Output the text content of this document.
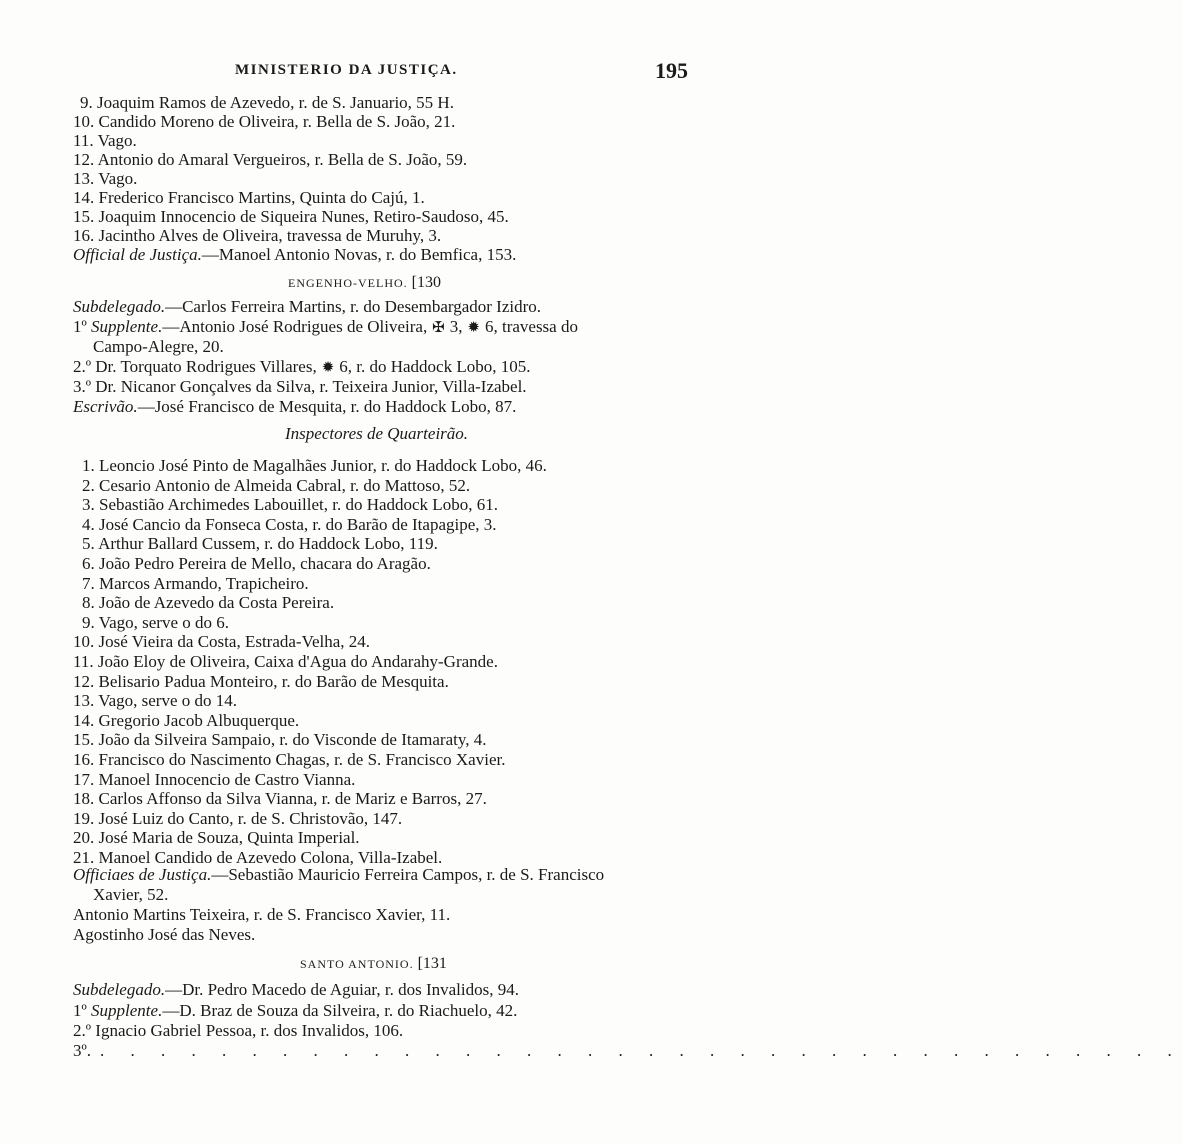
MINISTERIO DA JUSTIÇA.	195
9. Joaquim Ramos de Azevedo, r. de S. Januario, 55 H.
10. Candido Moreno de Oliveira, r. Bella de S. João, 21.
11. Vago.
12. Antonio do Amaral Vergueiros, r. Bella de S. João, 59.
13. Vago.
14. Frederico Francisco Martins, Quinta do Cajú, 1.
15. Joaquim Innocencio de Siqueira Nunes, Retiro-Saudoso, 45.
16. Jacintho Alves de Oliveira, travessa de Muruhy, 3.
Official de Justiça.—Manoel Antonio Novas, r. do Bemfica, 153.
ENGENHO-VELHO. [130
Subdelegado.—Carlos Ferreira Martins, r. do Desembargador Izidro.
1º Supplente.—Antonio José Rodrigues de Oliveira, ✠ 3, ✹ 6, travessa do
Campo-Alegre, 20.
2.º Dr. Torquato Rodrigues Villares, ✹ 6, r. do Haddock Lobo, 105.
3.º Dr. Nicanor Gonçalves da Silva, r. Teixeira Junior, Villa-Izabel.
Escrivão.—José Francisco de Mesquita, r. do Haddock Lobo, 87.
Inspectores de Quarteirão.
1. Leoncio José Pinto de Magalhães Junior, r. do Haddock Lobo, 46.
2. Cesario Antonio de Almeida Cabral, r. do Mattoso, 52.
3. Sebastião Archimedes Labouillet, r. do Haddock Lobo, 61.
4. José Cancio da Fonseca Costa, r. do Barão de Itapagipe, 3.
5. Arthur Ballard Cussem, r. do Haddock Lobo, 119.
6. João Pedro Pereira de Mello, chacara do Aragão.
7. Marcos Armando, Trapicheiro.
8. João de Azevedo da Costa Pereira.
9. Vago, serve o do 6.
10. José Vieira da Costa, Estrada-Velha, 24.
11. João Eloy de Oliveira, Caixa d'Agua do Andarahy-Grande.
12. Belisario Padua Monteiro, r. do Barão de Mesquita.
13. Vago, serve o do 14.
14. Gregorio Jacob Albuquerque.
15. João da Silveira Sampaio, r. do Visconde de Itamaraty, 4.
16. Francisco do Nascimento Chagas, r. de S. Francisco Xavier.
17. Manoel Innocencio de Castro Vianna.
18. Carlos Affonso da Silva Vianna, r. de Mariz e Barros, 27.
19. José Luiz do Canto, r. de S. Christovão, 147.
20. José Maria de Souza, Quinta Imperial.
21. Manoel Candido de Azevedo Colona, Villa-Izabel.
Officiaes de Justiça.—Sebastião Mauricio Ferreira Campos, r. de S. Francisco
Xavier, 52.
Antonio Martins Teixeira, r. de S. Francisco Xavier, 11.
Agostinho José das Neves.
SANTO ANTONIO. [131
Subdelegado.—Dr. Pedro Macedo de Aguiar, r. dos Invalidos, 94.
1º Supplente.—D. Braz de Souza da Silveira, r. do Riachuelo, 42.
2.º Ignacio Gabriel Pessoa, r. dos Invalidos, 106.
3º. . . . . . . . . . . . . . . . . . . . . . . . . . . . . . . . . . . . .
